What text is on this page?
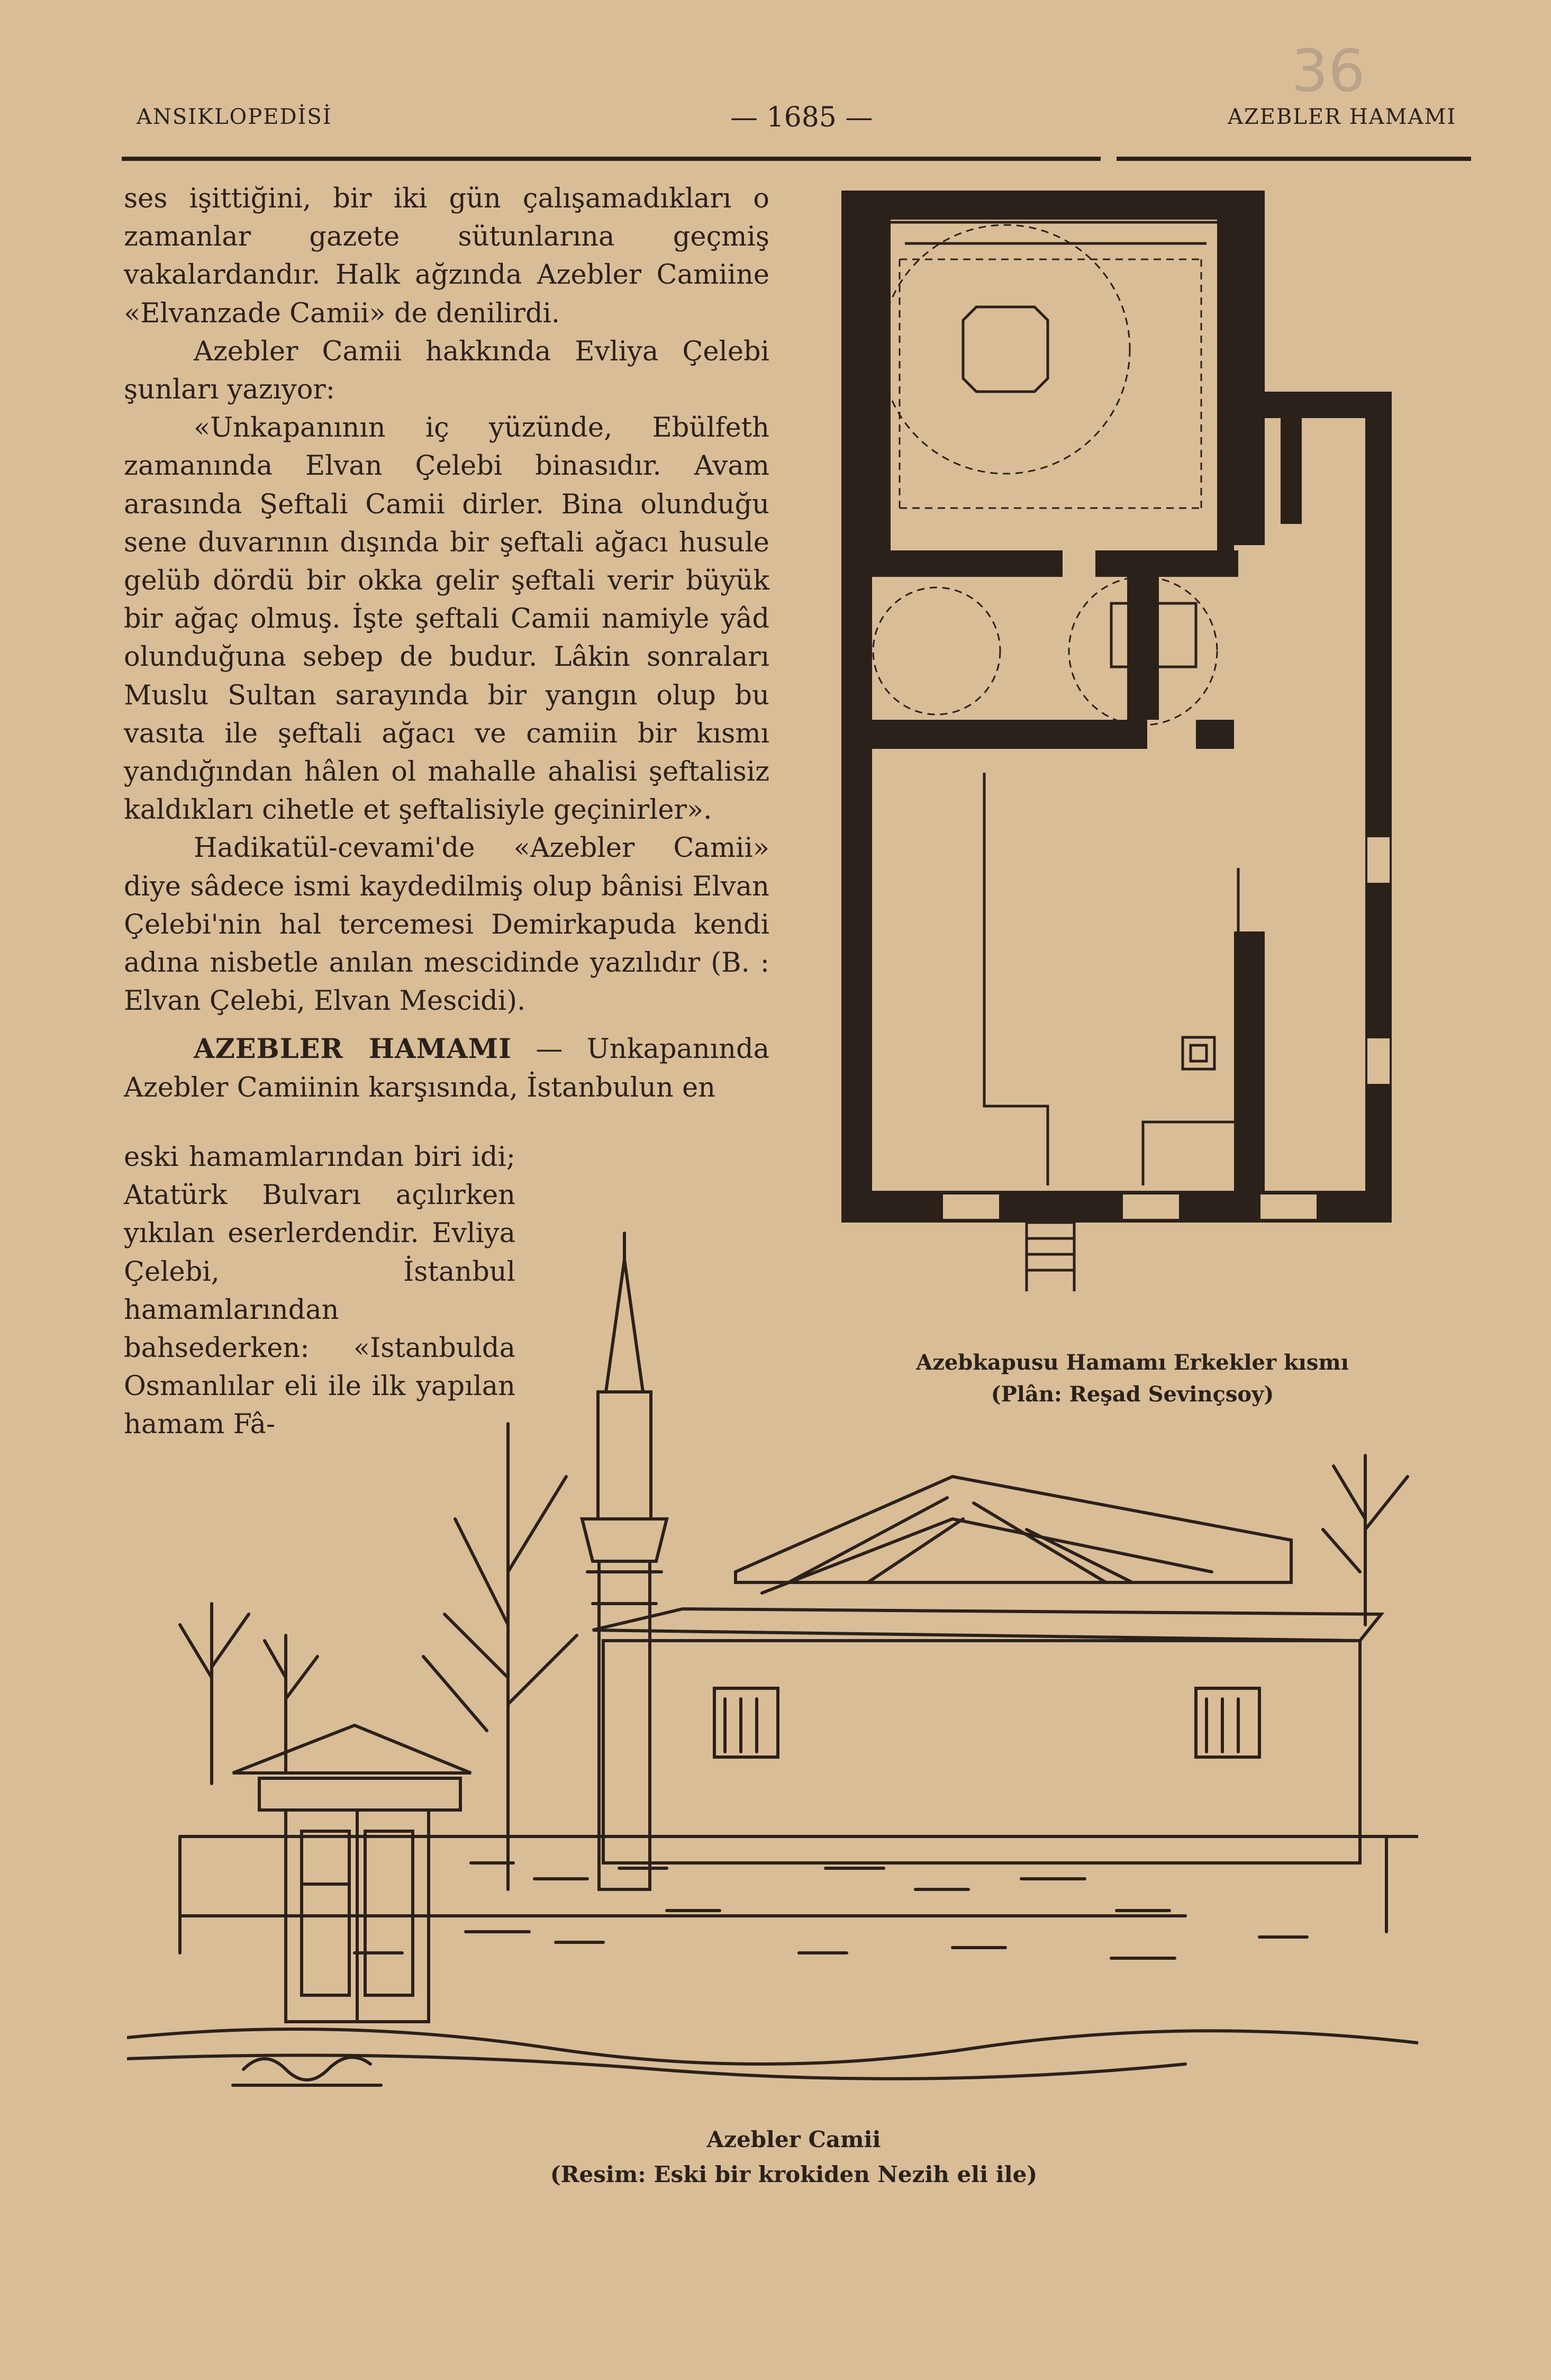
ANSIKLOPEDİSİ	— 1685 —	AZEBLER HAMAMI
36

ses işittiğini, bir iki gün çalışamadıkları o zamanlar gazete sütunlarına geçmiş vakalardandır. Halk ağzında Azebler Camiine «Elvanzade Camii» de denilirdi.

Azebler Camii hakkında Evliya Çelebi şunları yazıyor:

«Unkapanının iç yüzünde, Ebülfeth zamanında Elvan Çelebi binasıdır. Avam arasında Şeftali Camii dirler. Bina olunduğu sene duvarının dışında bir şeftali ağacı husule gelüb dördü bir okka gelir şeftali verir büyük bir ağaç olmuş. İşte şeftali Camii namiyle yâd olunduğuna sebep de budur. Lâkin sonraları Muslu Sultan sarayında bir yangın olup bu vasıta ile şeftali ağacı ve camiin bir kısmı yandığından hâlen ol mahalle ahalisi şeftalisiz kaldıkları cihetle et şeftalisiyle geçinirler».

Hadikatül-cevami'de «Azebler Camii» diye sâdece ismi kaydedilmiş olup bânisi Elvan Çelebi'nin hal tercemesi Demirkapuda kendi adına nisbetle anılan mescidinde yazılıdır (B. : Elvan Çelebi, Elvan Mescidi).

AZEBLER HAMAMI — Unkapanında Azebler Camiinin karşısında, İstanbulun en

eski hamamlarından biri idi; Atatürk Bulvarı açılırken yıkılan eserlerdendir. Evliya Çelebi, İstanbul hamamlarından bahsederken: «Istanbulda Osmanlılar eli ile ilk yapılan hamam Fâ-

Azebkapusu Hamamı Erkekler kısmı
(Plân: Reşad Sevinçsoy)
Azebler Camii
(Resim: Eski bir krokiden Nezih eli ile)
